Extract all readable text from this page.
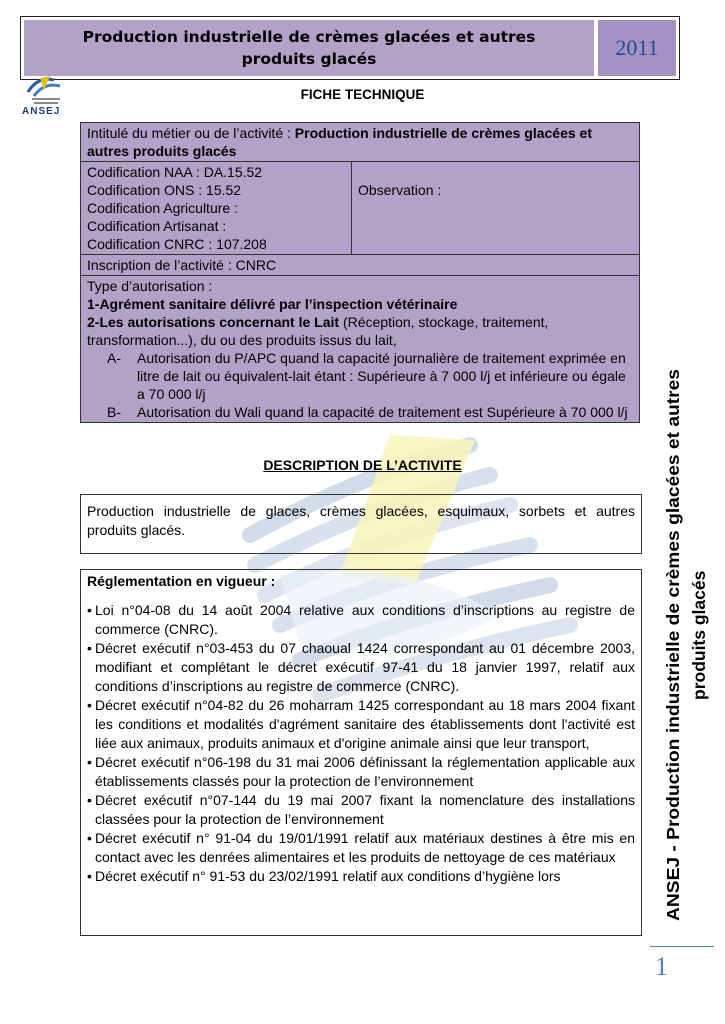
Production industrielle de crèmes glacées et autres produits glacés	2011
ANSEJ
FICHE TECHNIQUE
Intitulé du métier ou de l’activité : Production industrielle de crèmes glacées et autres produits glacés

Codification NAA : DA.15.52
Codification ONS : 15.52
Codification Agriculture :
Codification Artisanat :
Codification CNRC : 107.208
	Observation :
Inscription de l’activité : CNRC

Type d’autorisation :
1-Agrément sanitaire délivré par l’inspection vétérinaire
2-Les autorisations concernant le Lait (Réception, stockage, traitement, transformation...), du ou des produits issus du lait,
A- Autorisation du P/APC quand la capacité journalière de traitement exprimée en litre de lait ou équivalent-lait étant : Supérieure à 7 000 l/j et inférieure ou égale a 70 000 l/j
B- Autorisation du Wali quand la capacité de traitement est Supérieure à 70 000 l/j
DESCRIPTION DE L’ACTIVITE
Production industrielle de glaces, crèmes glacées, esquimaux, sorbets et autres produits glacés.
Réglementation en vigueur :
• Loi n°04-08 du 14 août 2004 relative aux conditions d’inscriptions au registre de commerce (CNRC).
• Décret exécutif n°03-453 du 07 chaoual 1424 correspondant au 01 décembre 2003, modifiant et complétant le décret exécutif 97-41 du 18 janvier 1997, relatif aux conditions d’inscriptions au registre de commerce (CNRC).
• Décret exécutif n°04-82 du 26 moharram 1425 correspondant au 18 mars 2004 fixant les conditions et modalités d'agrément sanitaire des établissements dont l'activité est liée aux animaux, produits animaux et d'origine animale ainsi que leur transport,
• Décret exécutif n°06-198 du 31 mai 2006 définissant la réglementation applicable aux établissements classés pour la protection de l’environnement
• Décret exécutif n°07-144 du 19 mai 2007 fixant la nomenclature des installations classées pour la protection de l’environnement
• Décret exécutif n° 91-04 du 19/01/1991 relatif aux matériaux destines à être mis en contact avec les denrées alimentaires et les produits de nettoyage de ces matériaux
• Décret exécutif n° 91-53 du 23/02/1991 relatif aux conditions d’hygiène lors	ANSEJ - Production industrielle de crèmes glacées et autres produits glacés
1
